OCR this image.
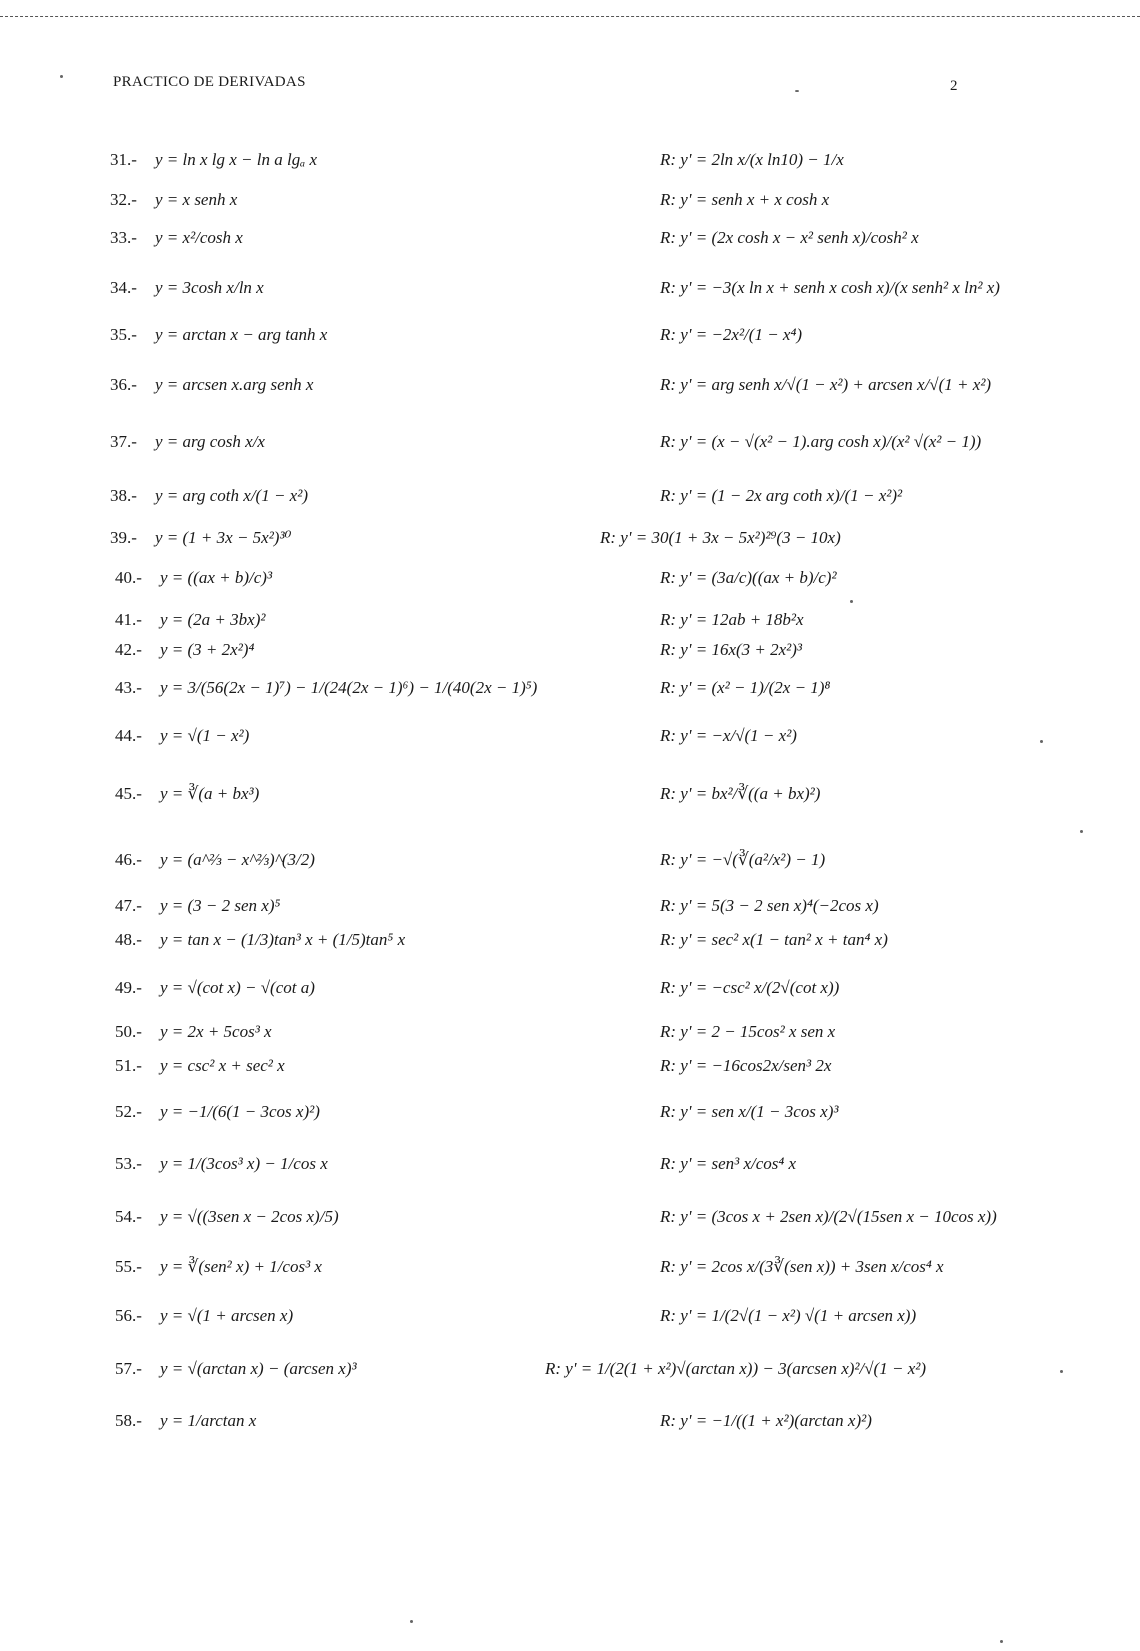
PRACTICO DE DERIVADAS	2
31.- y = ln x lg x − ln a lgₐ x	R: y' = 2ln x/(x ln10) − 1/x
32.- y = x senh x	R: y' = senh x + x cosh x
33.- y = x²/cosh x	R: y' = (2x cosh x − x² senh x)/cosh² x
34.- y = 3cosh x/ln x	R: y' = −3(x ln x + senh x cosh x)/(x senh² x ln² x)
35.- y = arctan x − arg tanh x	R: y' = −2x²/(1 − x⁴)
36.- y = arcsen x.arg senh x	R: y' = arg senh x/√(1 − x²) + arcsen x/√(1 + x²)
37.- y = arg cosh x/x	R: y' = (x − √(x² − 1).arg cosh x)/(x² √(x² − 1))
38.- y = arg coth x/(1 − x²)	R: y' = (1 − 2x arg coth x)/(1 − x²)²
39.- y = (1 + 3x − 5x²)³⁰	R: y' = 30(1 + 3x − 5x²)²⁹(3 − 10x)
40.- y = ((ax + b)/c)³	R: y' = (3a/c)((ax + b)/c)²
41.- y = (2a + 3bx)²	R: y' = 12ab + 18b²x
42.- y = (3 + 2x²)⁴	R: y' = 16x(3 + 2x²)³
43.- y = 3/(56(2x − 1)⁷) − 1/(24(2x − 1)⁶) − 1/(40(2x − 1)⁵)	R: y' = (x² − 1)/(2x − 1)⁸
44.- y = √(1 − x²)	R: y' = −x/√(1 − x²)
45.- y = ∛(a + bx³)	R: y' = bx²/∛((a + bx)²)
46.- y = (a^⅔ − x^⅔)^(3/2)	R: y' = −√(∛(a²/x²) − 1)
47.- y = (3 − 2 sen x)⁵	R: y' = 5(3 − 2 sen x)⁴(−2cos x)
48.- y = tan x − (1/3)tan³ x + (1/5)tan⁵ x	R: y' = sec² x(1 − tan² x + tan⁴ x)
49.- y = √(cot x) − √(cot a)	R: y' = −csc² x/(2√(cot x))
50.- y = 2x + 5cos³ x	R: y' = 2 − 15cos² x sen x
51.- y = csc² x + sec² x	R: y' = −16cos2x/sen³ 2x
52.- y = −1/(6(1 − 3cos x)²)	R: y' = sen x/(1 − 3cos x)³
53.- y = 1/(3cos³ x) − 1/cos x	R: y' = sen³ x/cos⁴ x
54.- y = √((3sen x − 2cos x)/5)	R: y' = (3cos x + 2sen x)/(2√(15sen x − 10cos x))
55.- y = ∛(sen² x) + 1/cos³ x	R: y' = 2cos x/(3∛(sen x)) + 3sen x/cos⁴ x
56.- y = √(1 + arcsen x)	R: y' = 1/(2√(1 − x²) √(1 + arcsen x))
57.- y = √(arctan x) − (arcsen x)³	R: y' = 1/(2(1 + x²)√(arctan x)) − 3(arcsen x)²/√(1 − x²)
58.- y = 1/arctan x	R: y' = −1/((1 + x²)(arctan x)²)
